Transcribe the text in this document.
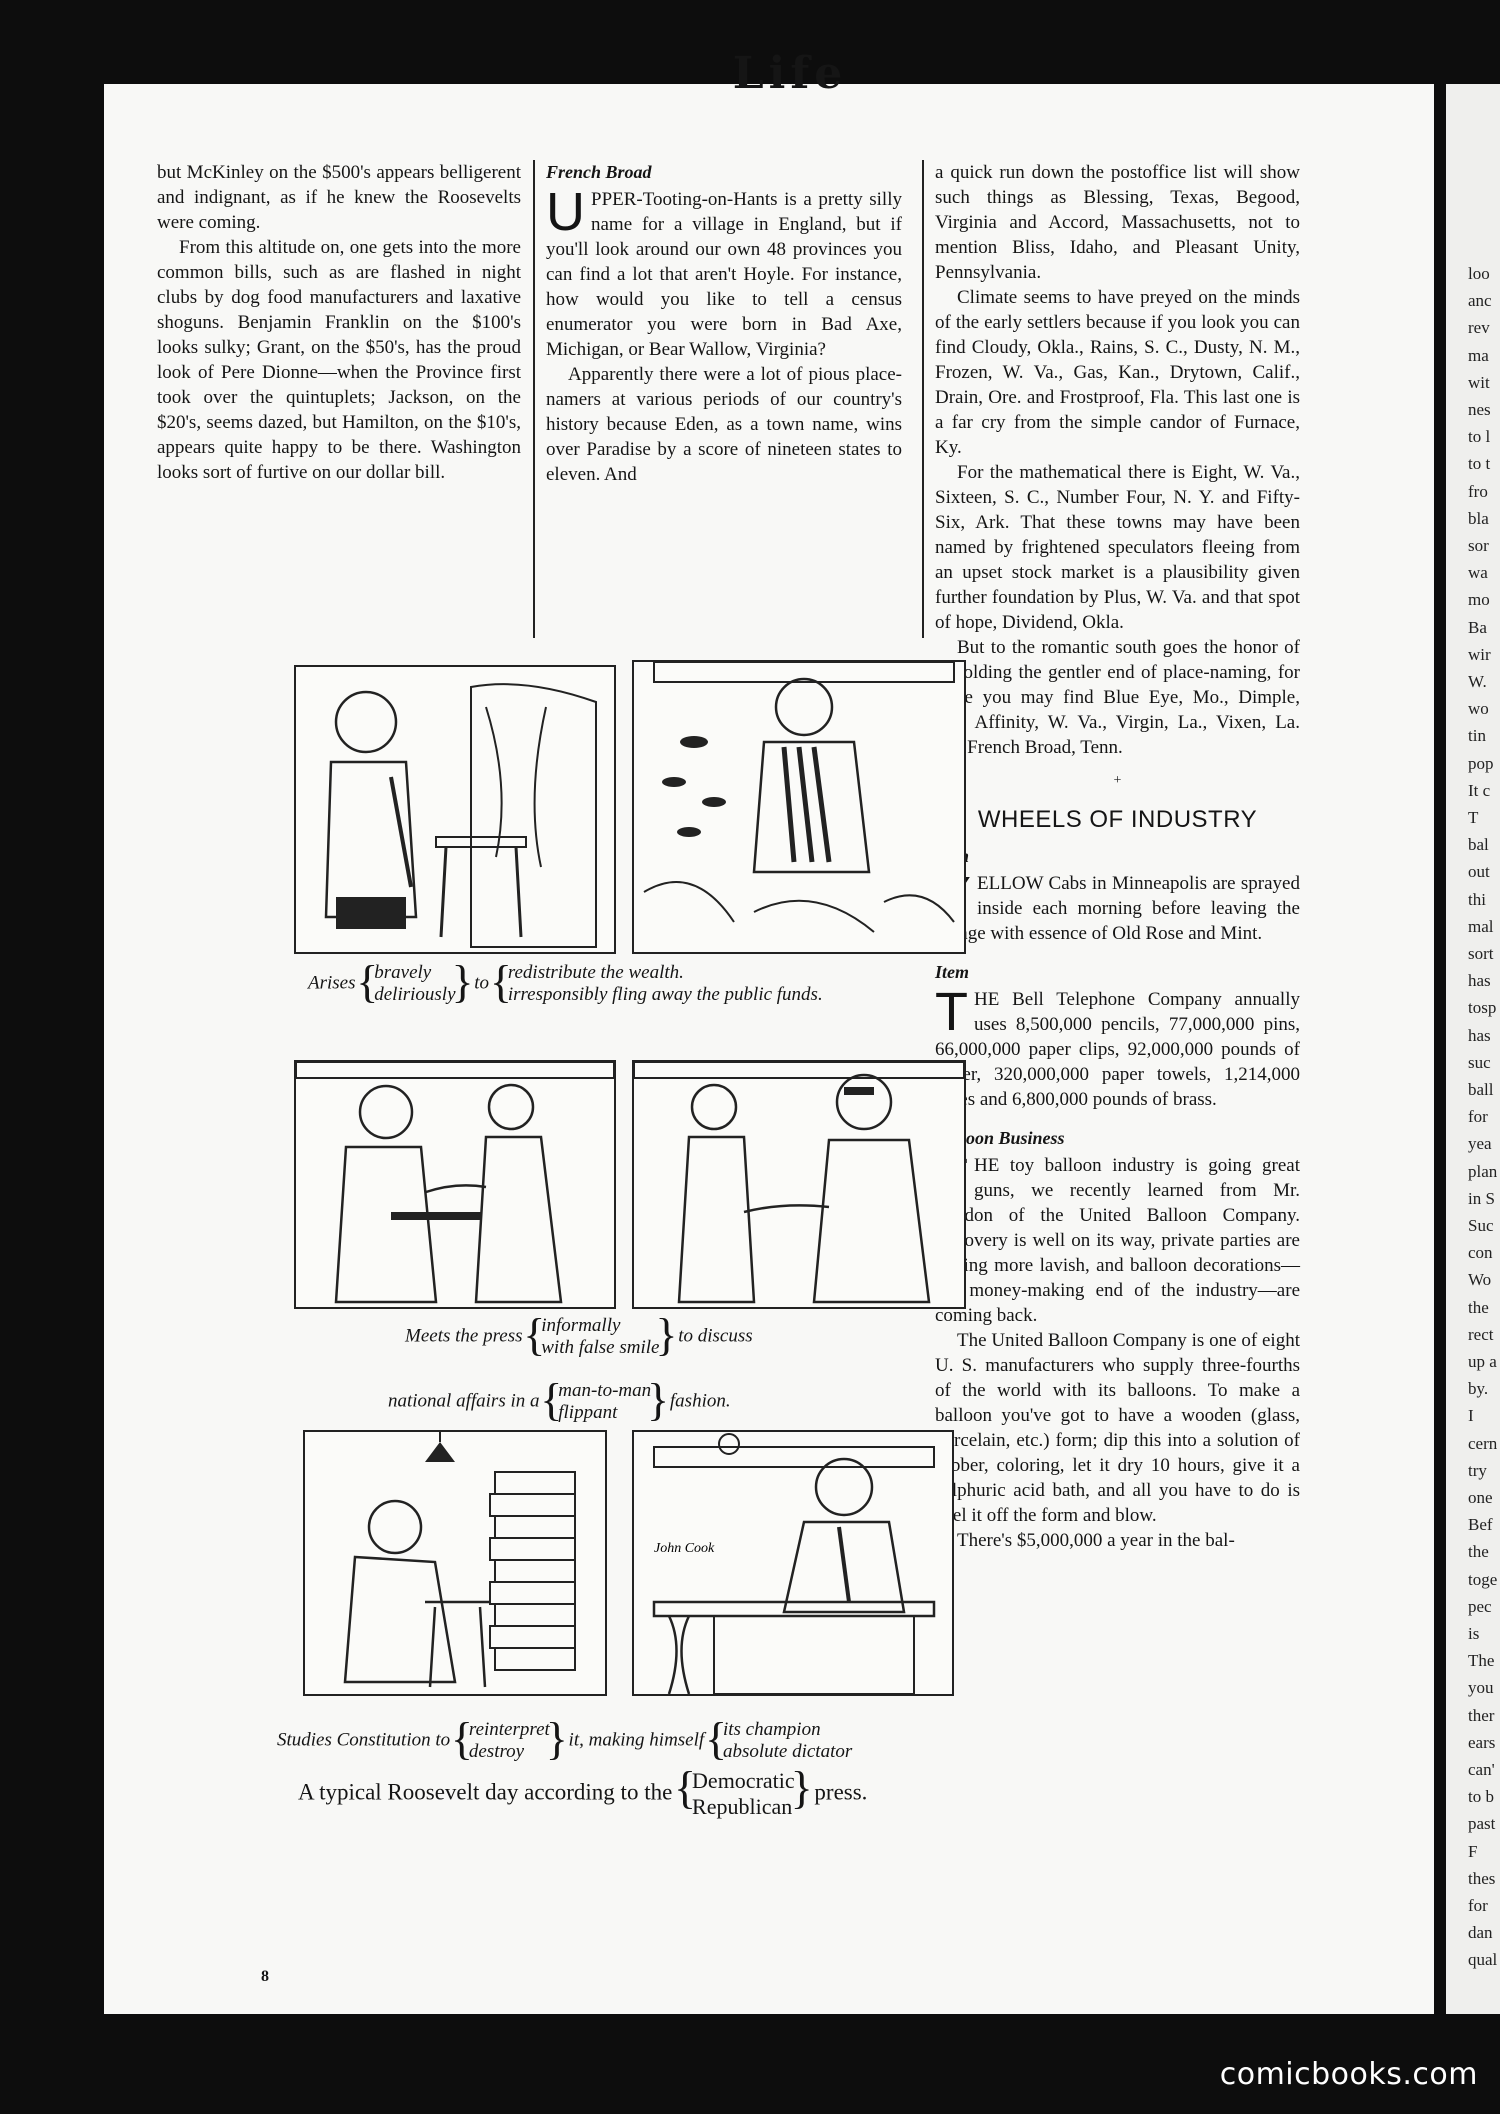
loo
anc
rev
ma
wit
nes
to l
to t
fro
bla
sor
wa
mo
Ba
wir
W.
wo
tin
pop
It c
T
bal
out
thi
mal
sort
has
tosp
has
suc
ball
for
yea
plan
in S
Suc
con
Wo
the
rect
up a
by.
I
cern
try
one
Bef
the
toge
pec
is
The
you
ther
ears
can'
to b
past
F
thes
for
dan
qual
Life

but McKinley on the $500's appears belligerent and indignant, as if he knew the Roosevelts were coming.

From this altitude on, one gets into the more common bills, such as are flashed in night clubs by dog food manufacturers and laxative shoguns. Benjamin Franklin on the $100's looks sulky; Grant, on the $50's, has the proud look of Pere Dionne—when the Province first took over the quintuplets; Jackson, on the $20's, seems dazed, but Hamilton, on the $10's, appears quite happy to be there. Washington looks sort of furtive on our dollar bill.

French Broad

UPPER-Tooting-on-Hants is a pretty silly name for a village in England, but if you'll look around our own 48 provinces you can find a lot that aren't Hoyle. For instance, how would you like to tell a census enumerator you were born in Bad Axe, Michigan, or Bear Wallow, Virginia?

Apparently there were a lot of pious place-namers at various periods of our country's history because Eden, as a town name, wins over Paradise by a score of nineteen states to eleven. And

a quick run down the postoffice list will show such things as Blessing, Texas, Begood, Virginia and Accord, Massachusetts, not to mention Bliss, Idaho, and Pleasant Unity, Pennsylvania.

Climate seems to have preyed on the minds of the early settlers because if you look you can find Cloudy, Okla., Rains, S. C., Dusty, N. M., Frozen, W. Va., Gas, Kan., Drytown, Calif., Drain, Ore. and Frostproof, Fla. This last one is a far cry from the simple candor of Furnace, Ky.

For the mathematical there is Eight, W. Va., Sixteen, S. C., Number Four, N. Y. and Fifty-Six, Ark. That these towns may have been named by frightened speculators fleeing from an upset stock market is a plausibility given further foundation by Plus, W. Va. and that spot of hope, Dividend, Okla.

But to the romantic south goes the honor of upholding the gentler end of place-naming, for there you may find Blue Eye, Mo., Dimple, Ky., Affinity, W. Va., Virgin, La., Vixen, La. and French Broad, Tenn.

+
WHEELS OF INDUSTRY
Item

YELLOW Cabs in Minneapolis are sprayed inside each morning before leaving the garage with essence of Old Rose and Mint.

Item

THE Bell Telephone Company annually uses 8,500,000 pencils, 77,000,000 pins, 66,000,000 paper clips, 92,000,000 pounds of paper, 320,000,000 paper towels, 1,214,000 poles and 6,800,000 pounds of brass.

Balloon Business

THE toy balloon industry is going great guns, we recently learned from Mr. Gordon of the United Balloon Company. Recovery is well on its way, private parties are getting more lavish, and balloon decorations—the money-making end of the industry—are coming back.

The United Balloon Company is one of eight U. S. manufacturers who supply three-fourths of the world with its balloons. To make a balloon you've got to have a wooden (glass, porcelain, etc.) form; dip this into a solution of rubber, coloring, let it dry 10 hours, give it a sulphuric acid bath, and all you have to do is peel it off the form and blow.

There's $5,000,000 a year in the bal-

Arises { bravely
deliriously
} to { redistribute the wealth.
irresponsibly fling away the public funds.
Meets the press { informally
with false smile
} to discuss
national affairs in a { man-to-man
flippant
} fashion.
John Cook
Studies Constitution to { reinterpret
destroy
} it, making himself { its champion
absolute dictator
A typical Roosevelt day according to the { Democratic
Republican
} press.
8
comicbooks.com
